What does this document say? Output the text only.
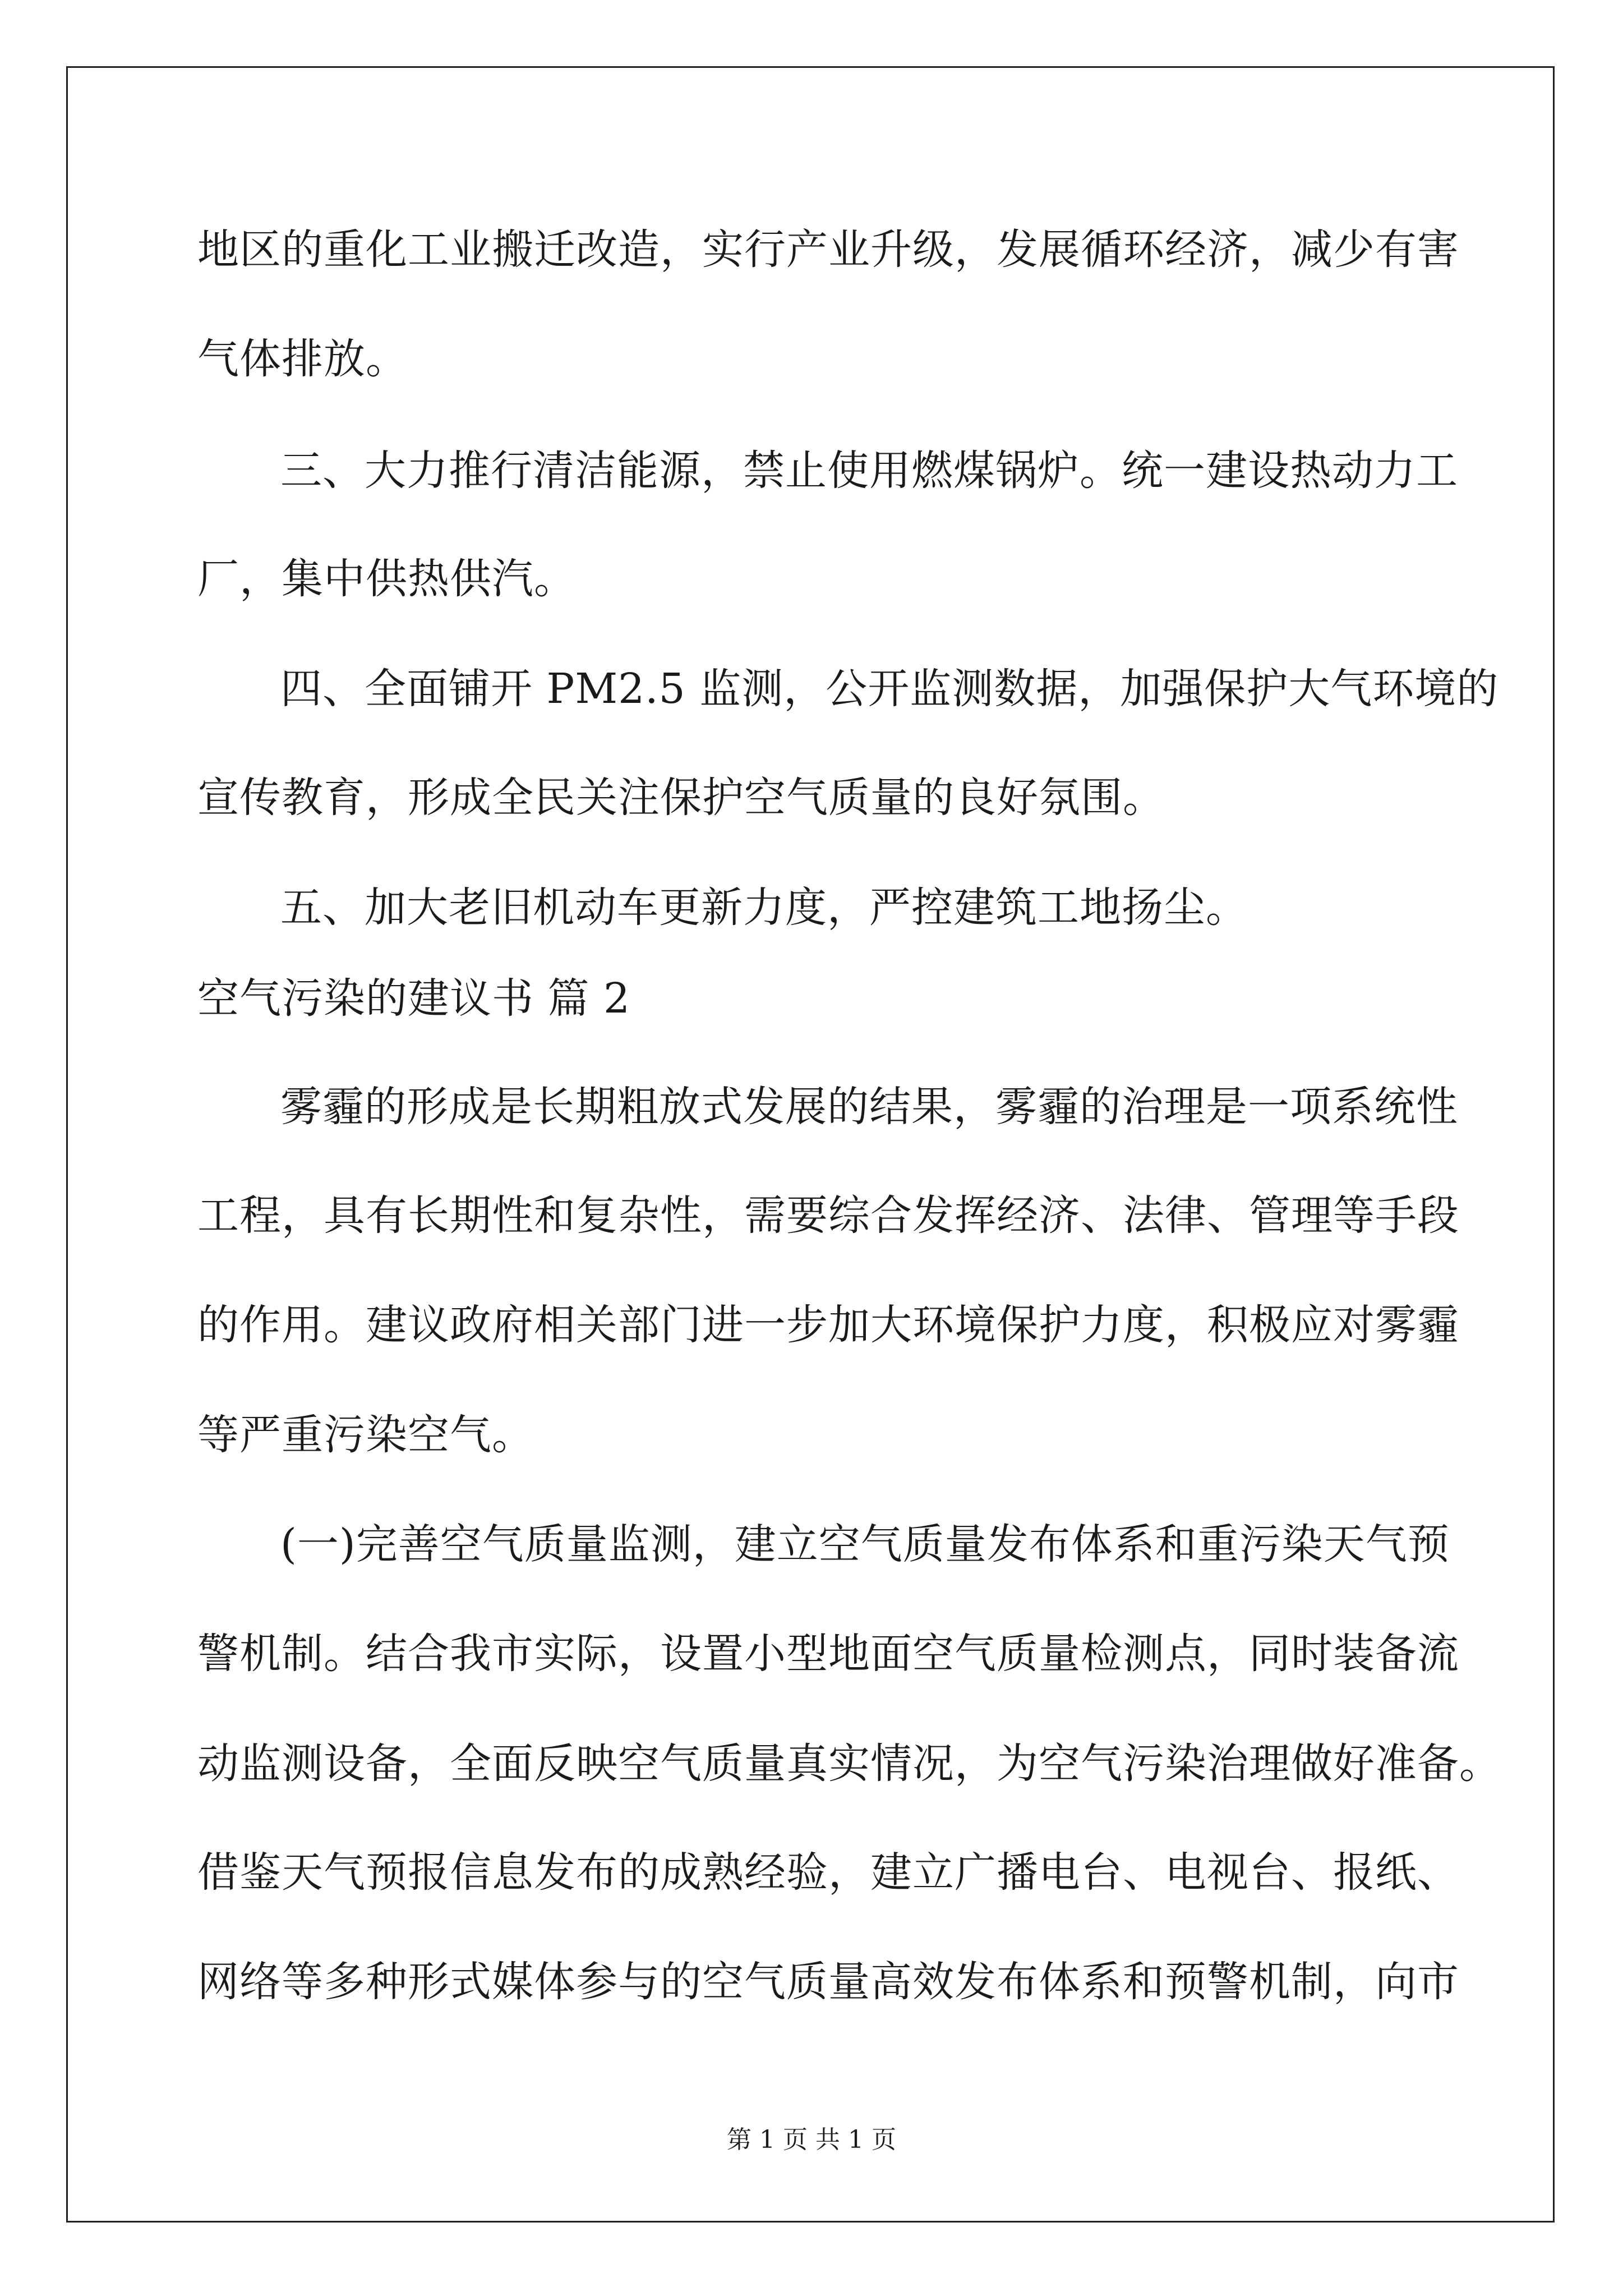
地区的重化工业搬迁改造，实行产业升级，发展循环经济，减少有害
气体排放。
三、大力推行清洁能源，禁止使用燃煤锅炉。统一建设热动力工
厂，集中供热供汽。
四、全面铺开 PM2.5 监测，公开监测数据，加强保护大气环境的
宣传教育，形成全民关注保护空气质量的良好氛围。
五、加大老旧机动车更新力度，严控建筑工地扬尘。
空气污染的建议书 篇 2
雾霾的形成是长期粗放式发展的结果，雾霾的治理是一项系统性
工程，具有长期性和复杂性，需要综合发挥经济、法律、管理等手段
的作用。建议政府相关部门进一步加大环境保护力度，积极应对雾霾
等严重污染空气。
(一)完善空气质量监测，建立空气质量发布体系和重污染天气预
警机制。结合我市实际，设置小型地面空气质量检测点，同时装备流
动监测设备，全面反映空气质量真实情况，为空气污染治理做好准备。
借鉴天气预报信息发布的成熟经验，建立广播电台、电视台、报纸、
网络等多种形式媒体参与的空气质量高效发布体系和预警机制，向市
第 1 页 共 1 页
